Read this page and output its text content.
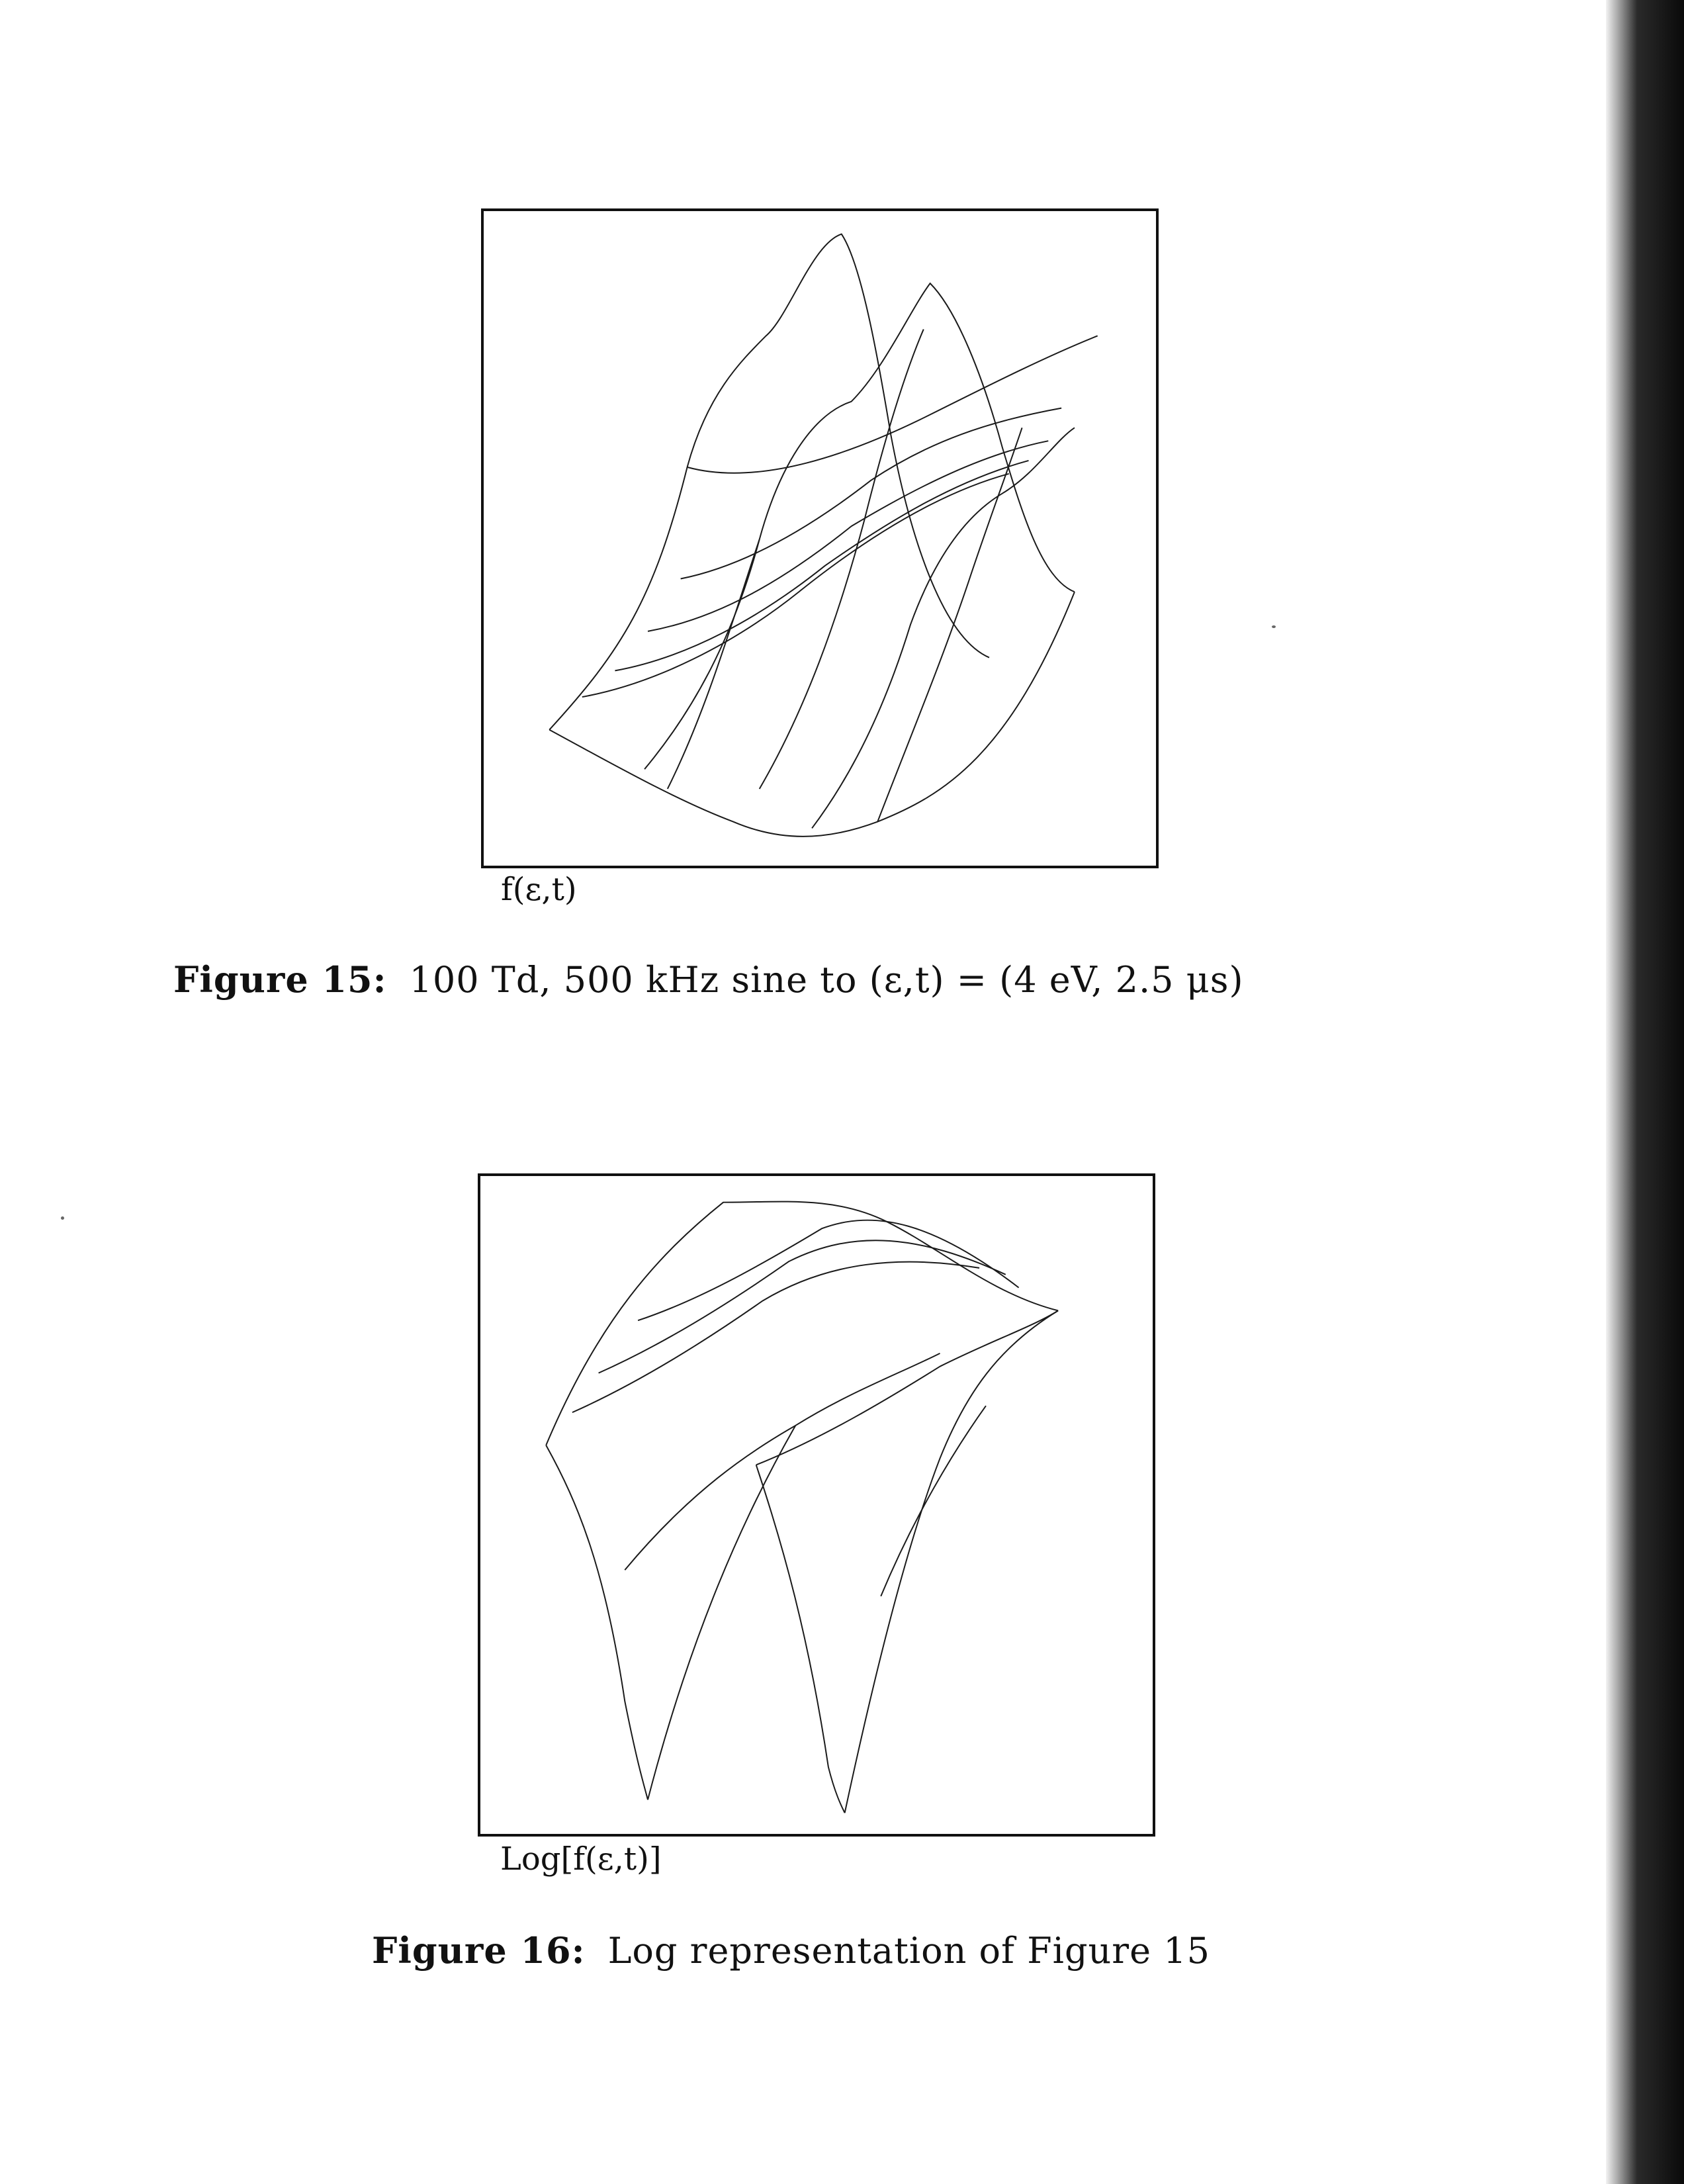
f(ε,t)
Figure 15: 100 Td, 500 kHz sine to (ε,t) = (4 eV, 2.5 μs)
Log[f(ε,t)]
Figure 16: Log representation of Figure 15
